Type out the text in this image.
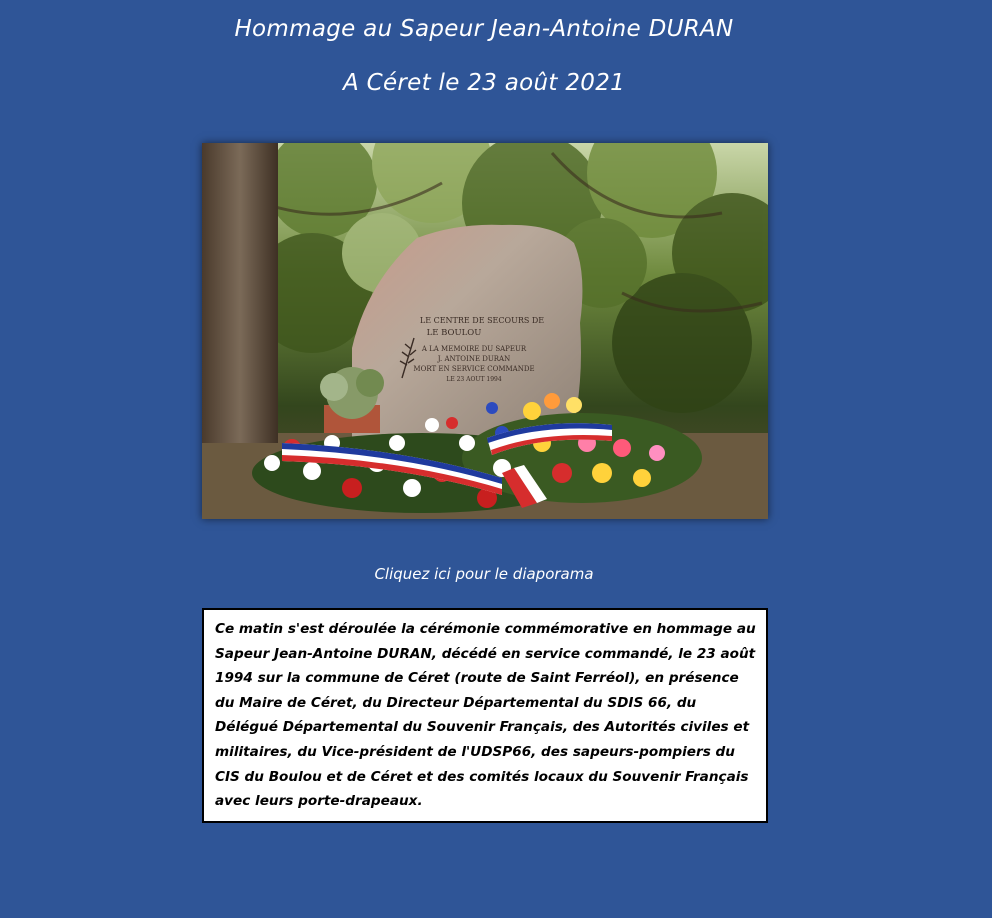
Hommage au Sapeur Jean-Antoine DURAN
A Céret le 23 août 2021
LE CENTRE DE SECOURS DE
LE BOULOU
A LA MEMOIRE DU SAPEUR
J. ANTOINE DURAN
MORT EN SERVICE COMMANDE
LE 23 AOUT 1994
Cliquez ici pour le diaporama

Ce matin s'est déroulée la cérémonie commémorative en hommage au Sapeur Jean-Antoine DURAN, décédé en service commandé, le 23 août 1994 sur la commune de Céret (route de Saint Ferréol), en présence du Maire de Céret, du Directeur Départemental du SDIS 66, du Délégué Départemental du Souvenir Français, des Autorités civiles et militaires, du Vice-président de l'UDSP66, des sapeurs-pompiers du CIS du Boulou et de Céret et des comités locaux du Souvenir Français avec leurs porte-drapeaux.
